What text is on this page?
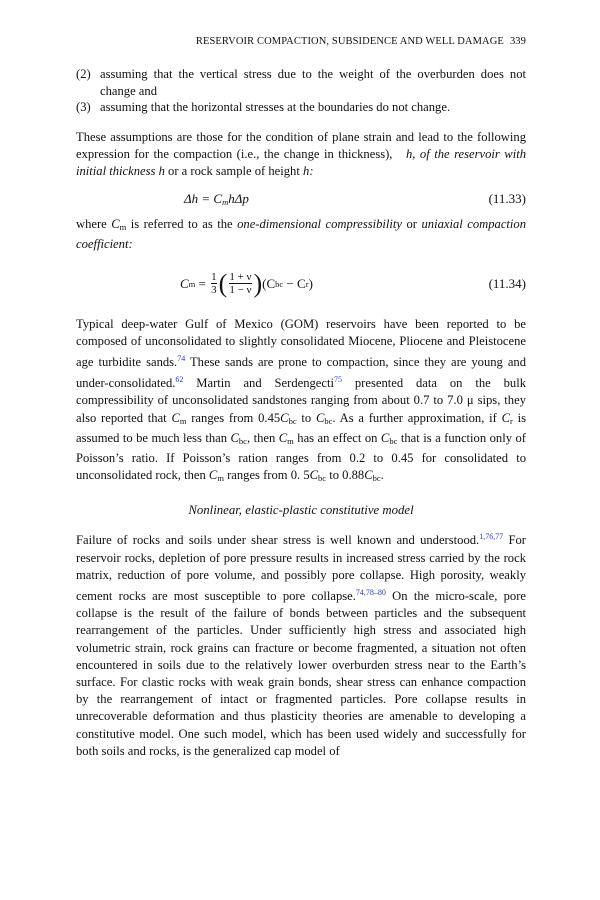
RESERVOIR COMPACTION, SUBSIDENCE AND WELL DAMAGE 339
(2) assuming that the vertical stress due to the weight of the overburden does not change and
(3) assuming that the horizontal stresses at the boundaries do not change.

These assumptions are those for the condition of plane strain and lead to the following expression for the compaction (i.e., the change in thickness), h, of the reservoir with initial thickness h or a rock sample of height h:

$\Delta h = C_mh\Delta p$	(11.33)

where $C_m$ is referred to as the one-dimensional compressibility or uniaxial compaction coefficient:

C m
=
$\frac{1}{3}$ ( $\frac{1 + \nu}{1 - \nu}$ ) (C bc
− C r )	(11.34)

Typical deep-water Gulf of Mexico (GOM) reservoirs have been reported to be composed of unconsolidated to slightly consolidated Miocene, Pliocene and Pleistocene age turbidite sands.$^{74}$ These sands are prone to compaction, since they are young and under-consolidated.$^{62}$ Martin and Serdengecti$^{75}$ presented data on the bulk compressibility of unconsolidated sandstones ranging from about 0.7 to 7.0 μ sips, they also reported that $C_m$ ranges from $0.45C_{bc}$ to $C_{bc}$. As a further approximation, if $C_r$ is assumed to be much less than $C_{bc}$, then $C_m$ has an effect on $C_{bc}$ that is a function only of Poisson’s ratio. If Poisson’s ration ranges from 0.2 to 0.45 for consolidated to unconsolidated rock, then $C_m$ ranges from 0. $5C_{bc}$ to $0.88C_{bc}$.

Nonlinear, elastic-plastic constitutive model

Failure of rocks and soils under shear stress is well known and understood.$^{1,76,77}$ For reservoir rocks, depletion of pore pressure results in increased stress carried by the rock matrix, reduction of pore volume, and possibly pore collapse. High porosity, weakly cement rocks are most susceptible to pore collapse.$^{74,78-80}$ On the micro-scale, pore collapse is the result of the failure of bonds between particles and the subsequent rearrangement of the particles. Under sufficiently high stress and associated high volumetric strain, rock grains can fracture or become fragmented, a situation not often encountered in soils due to the relatively lower overburden stress near to the Earth’s surface. For clastic rocks with weak grain bonds, shear stress can enhance compaction by the rearrangement of intact or fragmented particles. Pore collapse results in unrecoverable deformation and thus plasticity theories are amenable to developing a constitutive model. One such model, which has been used widely and successfully for both soils and rocks, is the generalized cap model of
